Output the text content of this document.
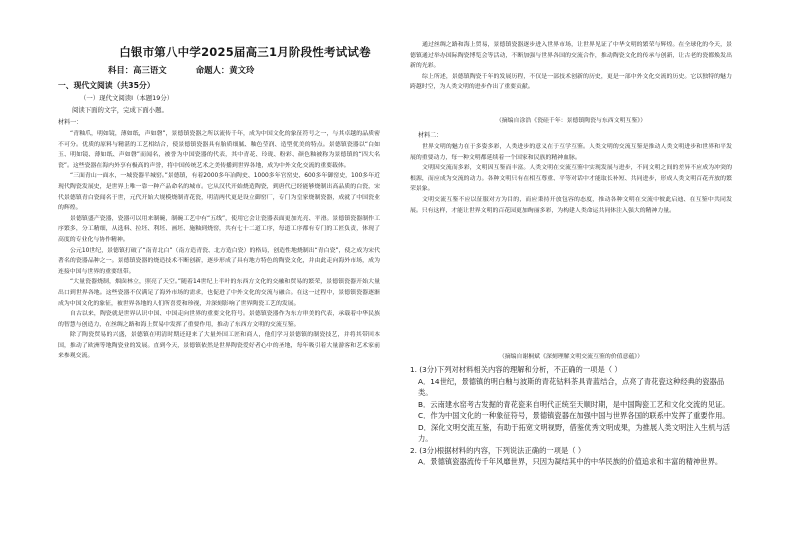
白银市第八中学2025届高三1月阶段性考试试卷
科目：高三语文          命题人：黄文玲
一、现代文阅读（共35分）
（一）现代文阅读Ⅰ（本题19分）
阅读下面的文字，完成下面小题。
材料一：

“青釉爪，明如镜，薄如纸，声如磬”，景德镇瓷器之所以流传千年，成为中国文化的象征符号之一，与其卓越的品质密不可分。优质的原料与精湛的工艺相结合，使景德镇瓷器具有胎质细腻、釉色莹润、造型优美的特点。景德镇瓷器以“白如玉、明如镜、薄如纸、声如磬”而闻名，被誉为中国瓷器的代表，其中青花、玲珑、粉彩、颜色釉被称为景德镇的“四大名瓷”。这些瓷器在海内外享有极高的声誉，将中国传统艺术之美传播到世界各地，成为中外文化交流的重要载体。

“三面青山一面水，一城瓷器半城窑。”景德镇，有着2000多年冶陶史、1000多年官窑史、600多年御窑史，100多年近现代陶瓷发展史，是世界上唯一靠一种产品命名的城市。它从汉代开始烧造陶瓷，到唐代已经能够烧制出高品质的白瓷，宋代景德镇青白瓷闻名于世，元代开始大规模烧制青花瓷，明清两代更是设立御窑厂，专门为皇家烧制瓷器，成就了中国瓷业的辉煌。

景德镇盛产瓷器，瓷器可以用来制碗，制碗工艺中有“五线”，使用它会让瓷器表面更加光亮、平滑。景德镇瓷器制作工序繁多，分工精细，从选料、拉坯、利坯、画坯、施釉到烧窑，共有七十二道工序，每道工序都有专门的工匠负责，体现了高度的专业化与协作精神。

公元10世纪，景德镇打破了“南青北白”（南方造青瓷、北方造白瓷）的格局，创造性地烧制出“青白瓷”，使之成为宋代著名的瓷器品种之一。景德镇瓷器的烧造技术不断创新，逐步形成了具有地方特色的陶瓷文化，并由此走向海外市场，成为连接中国与世界的重要纽带。

“大量瓷器烧制，烟囱林立，照亮了天空。”随着14世纪上半叶的东西方文化的交融和贸易的繁荣，景德镇瓷器开始大量出口到世界各地。这些瓷器不仅满足了海外市场的需求，也促进了中外文化的交流与融合。在这一过程中，景德镇瓷器逐渐成为中国文化的象征，被世界各地的人们所喜爱和珍视，并深刻影响了世界陶瓷工艺的发展。

自古以来，陶瓷就是世界认识中国、中国走向世界的重要文化符号。景德镇瓷器作为东方审美的代表，承载着中华民族的智慧与创造力，在丝绸之路和海上贸易中发挥了重要作用，推动了东西方文明的交流互鉴。

除了陶瓷贸易的兴盛，景德镇在明清时期还迎来了大量外国工匠和商人，他们学习景德镇的制瓷技艺，并将其带回本国，推动了欧洲等地陶瓷业的发展。直到今天，景德镇依然是世界陶瓷爱好者心中的圣地，每年吸引着大量游客和艺术家前来参观交流。

通过丝绸之路和海上贸易，景德镇瓷器逐步进入世界市场，让世界见证了中华文明的繁荣与辉煌。在全球化的今天，景德镇通过举办国际陶瓷博览会等活动，不断加强与世界各国的交流合作，推动陶瓷文化的传承与创新，让古老的瓷都焕发出新的光彩。

综上所述，景德镇陶瓷千年的发展历程，不仅是一部技术创新的历史，更是一部中外文化交流的历史。它以独特的魅力跨越时空，为人类文明的进步作出了重要贡献。

（摘编自涂浩《瓷硅千年：景德镇陶瓷与东西文明互鉴》）
材料二：

世界文明的魅力在于多姿多彩，人类进步的意义在于互学互鉴。人类文明的交流互鉴是推动人类文明进步和世界和平发展的重要动力，每一种文明都延续着一个国家和民族的精神血脉。

文明因交流而多彩，文明因互鉴而丰富。人类文明在交流互鉴中实现发展与进步，不同文明之间的差异不应成为冲突的根源，而应成为交流的动力。各种文明只有在相互尊重、平等对话中才能取长补短、共同进步，形成人类文明百花齐放的繁荣景象。

文明交流互鉴不应以征服对方为目的，而应秉持开放包容的态度，推动各种文明在交流中彼此启迪、在互鉴中共同发展。只有这样，才能让世界文明的百花园更加绚丽多彩，为构建人类命运共同体注入强大的精神力量。

（摘编自谢桐斌《深刻理解文明交流互鉴的价值意蕴》）

1. (3分)下列对材料相关内容的理解和分析，不正确的一项是（ ）

A．14世纪，景德镇的明白釉与波斯的青花钴料茶具青蓝结合，点亮了青花瓷这种经典的瓷器品类。

B．云南建水窑考古发掘的青花瓷来自明代正统至天顺时期，是中国陶瓷工艺和文化交流的见证。

C．作为中国文化的一种象征符号，景德镇瓷器在加强中国与世界各国的联系中发挥了重要作用。

D．深化文明交流互鉴，有助于拓宽文明视野，借鉴优秀文明成果，为推展人类文明注入生机与活力。

2. (3分)根据材料的内容，下列说法正确的一项是（ ）

A．景德镇瓷器流传千年风靡世界，只因为凝结其中的中华民族的价值追求和丰富的精神世界。
